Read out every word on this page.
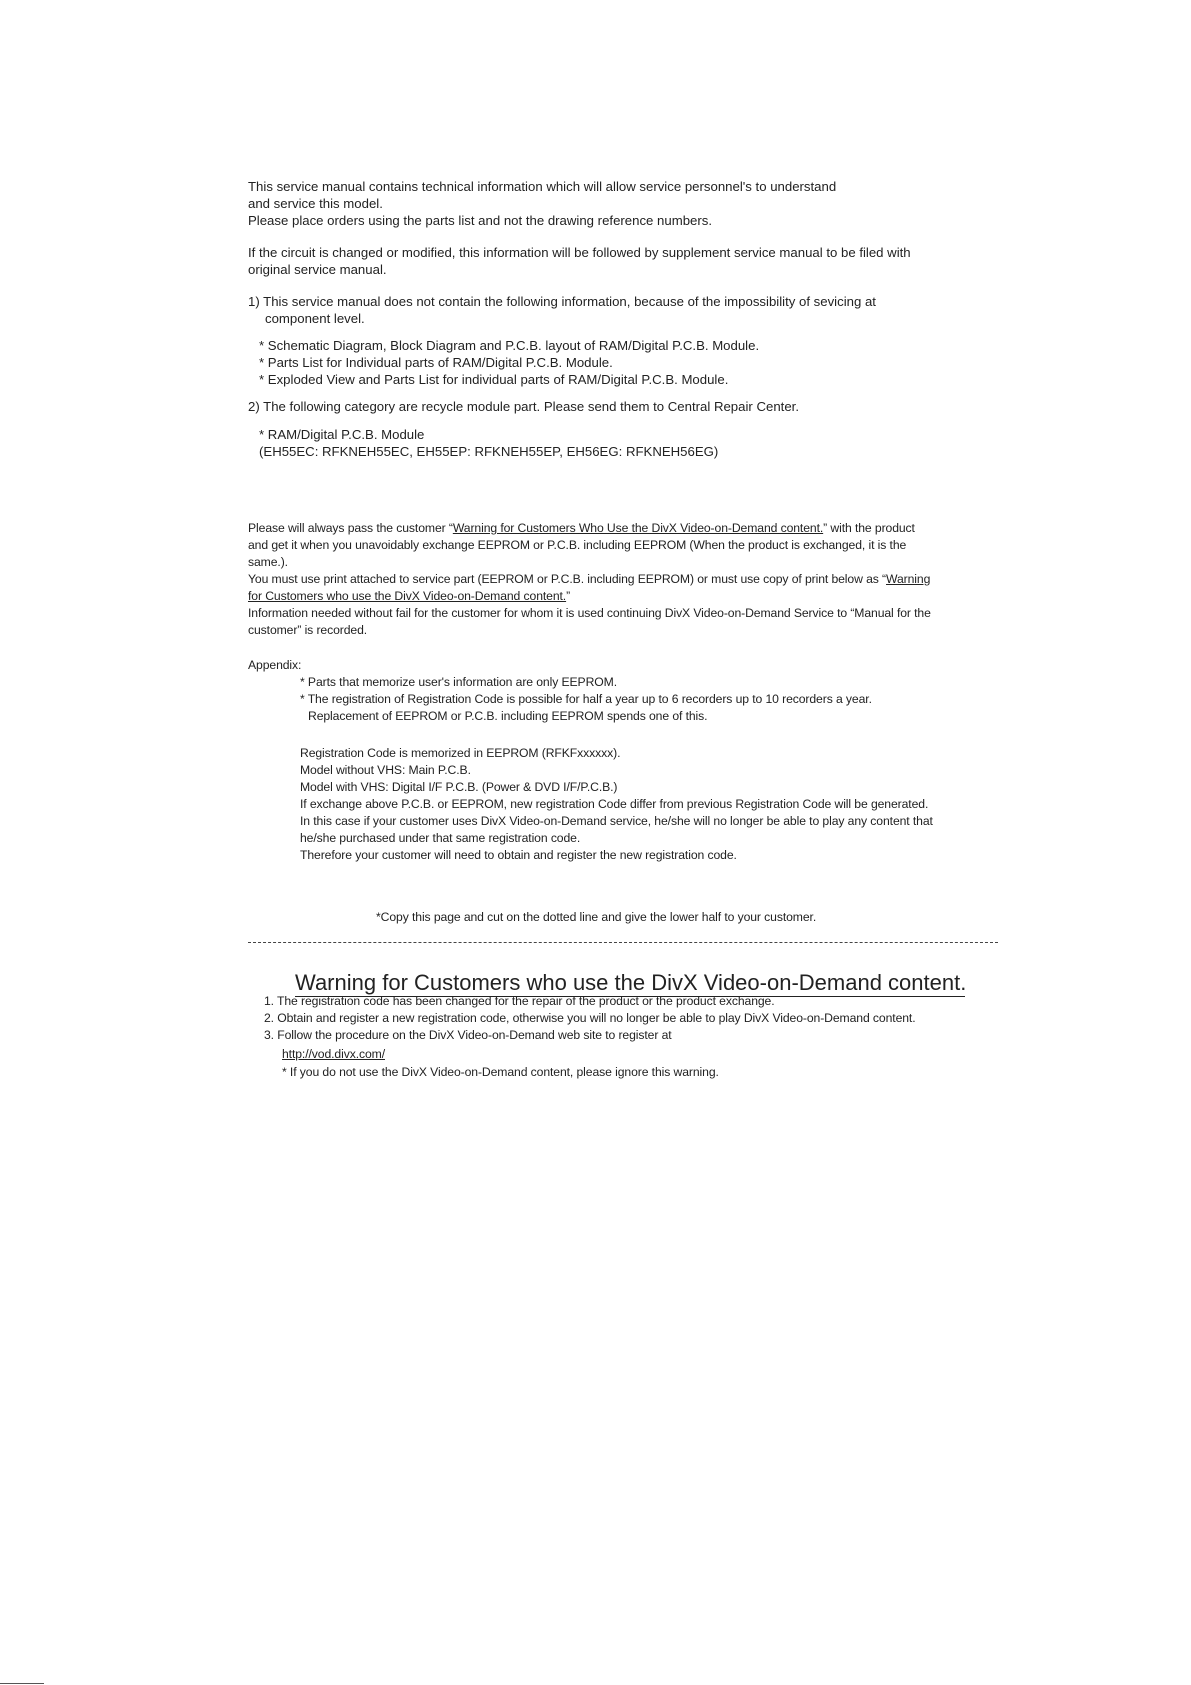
This service manual contains technical information which will allow service personnel's to understand
and service this model.
Please place orders using the parts list and not the drawing reference numbers.
If the circuit is changed or modified, this information will be followed by supplement service manual to be filed with
original service manual.
1) This service manual does not contain the following information, because of the impossibility of sevicing at
component level.
* Schematic Diagram, Block Diagram and P.C.B. layout of RAM/Digital P.C.B. Module.
* Parts List for Individual parts of RAM/Digital P.C.B. Module.
* Exploded View and Parts List for individual parts of RAM/Digital P.C.B. Module.
2) The following category are recycle module part. Please send them to Central Repair Center.
* RAM/Digital P.C.B. Module
(EH55EC: RFKNEH55EC, EH55EP: RFKNEH55EP, EH56EG: RFKNEH56EG)
Please will always pass the customer “Warning for Customers Who Use the DivX Video-on-Demand content.” with the product
and get it when you unavoidably exchange EEPROM or P.C.B. including EEPROM (When the product is exchanged, it is the
same.).
You must use print attached to service part (EEPROM or P.C.B. including EEPROM) or must use copy of print below as “Warning
for Customers who use the DivX Video-on-Demand content.”
Information needed without fail for the customer for whom it is used continuing DivX Video-on-Demand Service to “Manual for the
customer” is recorded.
Appendix:
* Parts that memorize user's information are only EEPROM.
* The registration of Registration Code is possible for half a year up to 6 recorders up to 10 recorders a year.
Replacement of EEPROM or P.C.B. including EEPROM spends one of this.
Registration Code is memorized in EEPROM (RFKFxxxxxx).
Model without VHS: Main P.C.B.
Model with VHS: Digital I/F P.C.B. (Power & DVD I/F/P.C.B.)
If exchange above P.C.B. or EEPROM, new registration Code differ from previous Registration Code will be generated.
In this case if your customer uses DivX Video-on-Demand service, he/she will no longer be able to play any content that
he/she purchased under that same registration code.
Therefore your customer will need to obtain and register the new registration code.
*Copy this page and cut on the dotted line and give the lower half to your customer.
Warning for Customers who use the DivX Video-on-Demand content.
1. The registration code has been changed for the repair of the product or the product exchange.
2. Obtain and register a new registration code, otherwise you will no longer be able to play DivX Video-on-Demand content.
3. Follow the procedure on the DivX Video-on-Demand web site to register at
http://vod.divx.com/
* If you do not use the DivX Video-on-Demand content, please ignore this warning.
